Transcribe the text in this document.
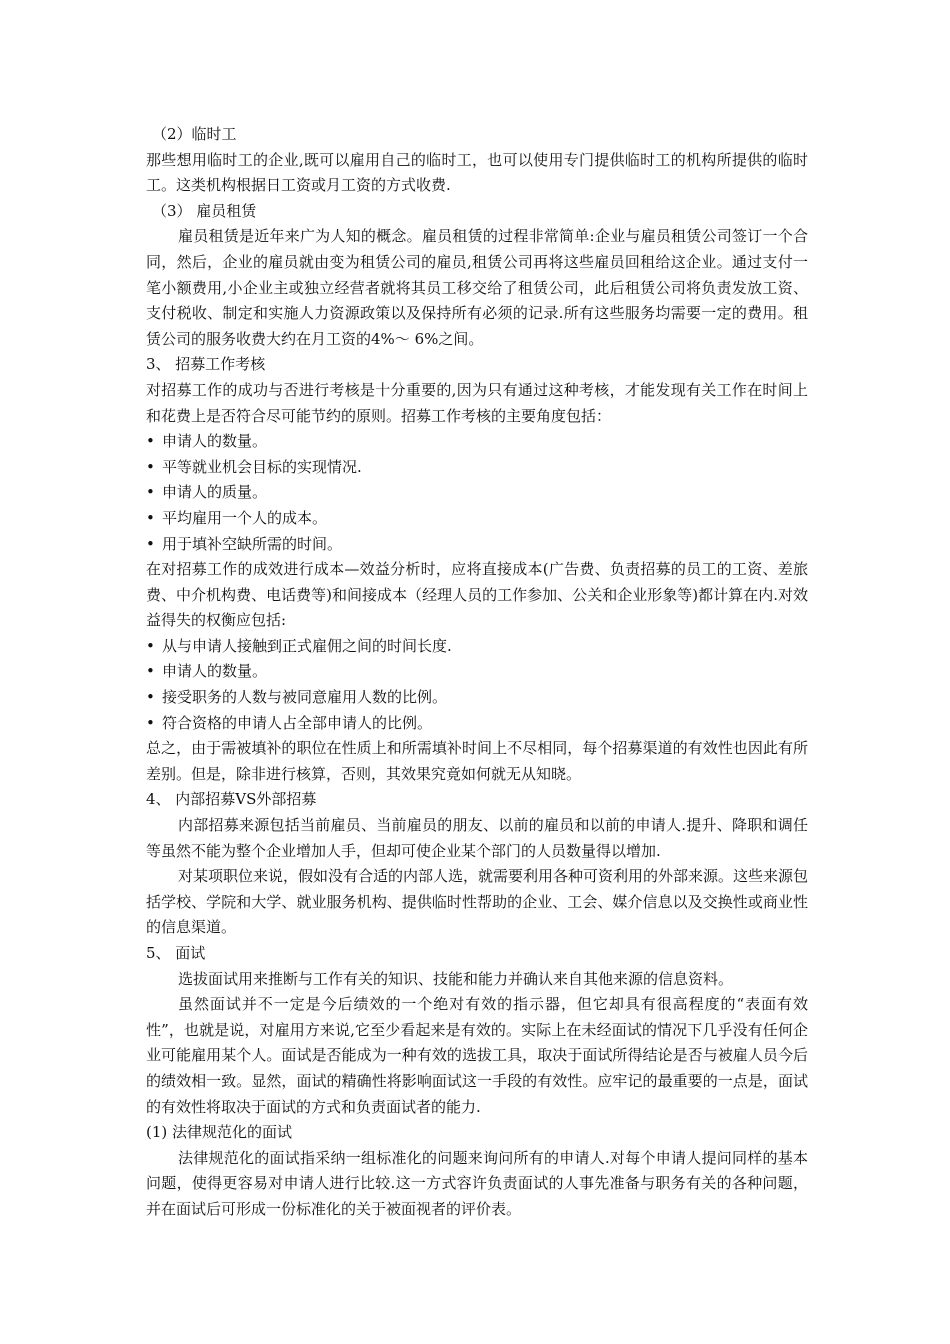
（2）临时工

那些想用临时工的企业,既可以雇用自己的临时工，也可以使用专门提供临时工的机构所提供的临时工。这类机构根据日工资或月工资的方式收费.

（3） 雇员租赁

雇员租赁是近年来广为人知的概念。雇员租赁的过程非常简单:企业与雇员租赁公司签订一个合同，然后，企业的雇员就由变为租赁公司的雇员,租赁公司再将这些雇员回租给这企业。通过支付一笔小额费用,小企业主或独立经营者就将其员工移交给了租赁公司，此后租赁公司将负责发放工资、支付税收、制定和实施人力资源政策以及保持所有必须的记录.所有这些服务均需要一定的费用。租赁公司的服务收费大约在月工资的4%～ 6%之间。

3、 招募工作考核

对招募工作的成功与否进行考核是十分重要的,因为只有通过这种考核，才能发现有关工作在时间上和花费上是否符合尽可能节约的原则。招募工作考核的主要角度包括：

• 申请人的数量。

• 平等就业机会目标的实现情况.

• 申请人的质量。

• 平均雇用一个人的成本。

• 用于填补空缺所需的时间。

在对招募工作的成效进行成本—效益分析时，应将直接成本(广告费、负责招募的员工的工资、差旅费、中介机构费、电话费等)和间接成本（经理人员的工作参加、公关和企业形象等)都计算在内.对效益得失的权衡应包括:

• 从与申请人接触到正式雇佣之间的时间长度.

• 申请人的数量。

• 接受职务的人数与被同意雇用人数的比例。

• 符合资格的申请人占全部申请人的比例。

总之，由于需被填补的职位在性质上和所需填补时间上不尽相同，每个招募渠道的有效性也因此有所差别。但是，除非进行核算，否则，其效果究竟如何就无从知晓。

4、 内部招募VS外部招募

内部招募来源包括当前雇员、当前雇员的朋友、以前的雇员和以前的申请人.提升、降职和调任等虽然不能为整个企业增加人手，但却可使企业某个部门的人员数量得以增加.

对某项职位来说，假如没有合适的内部人选，就需要利用各种可资利用的外部来源。这些来源包括学校、学院和大学、就业服务机构、提供临时性帮助的企业、工会、媒介信息以及交换性或商业性的信息渠道。

5、 面试

选拔面试用来推断与工作有关的知识、技能和能力并确认来自其他来源的信息资料。

虽然面试并不一定是今后绩效的一个绝对有效的指示器，但它却具有很高程度的“表面有效性”，也就是说，对雇用方来说,它至少看起来是有效的。实际上在未经面试的情况下几乎没有任何企业可能雇用某个人。面试是否能成为一种有效的选拔工具，取决于面试所得结论是否与被雇人员今后的绩效相一致。显然，面试的精确性将影响面试这一手段的有效性。应牢记的最重要的一点是，面试的有效性将取决于面试的方式和负责面试者的能力.

(1) 法律规范化的面试

法律规范化的面试指采纳一组标准化的问题来询问所有的申请人.对每个申请人提问同样的基本问题，使得更容易对申请人进行比较.这一方式容许负责面试的人事先准备与职务有关的各种问题，并在面试后可形成一份标准化的关于被面视者的评价表。
